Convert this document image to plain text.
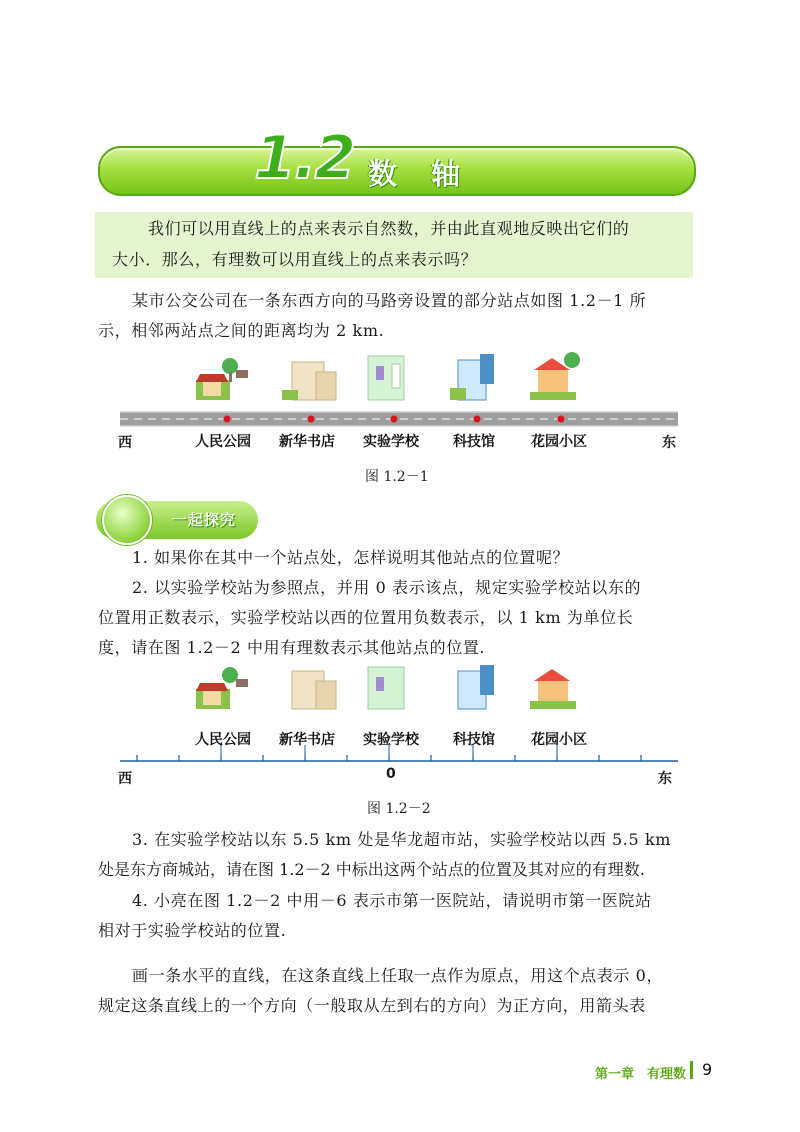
1.2 数轴
我们可以用直线上的点来表示自然数，并由此直观地反映出它们的
大小．那么，有理数可以用直线上的点来表示吗？
某市公交公司在一条东西方向的马路旁设置的部分站点如图 1.2－1 所
示，相邻两站点之间的距离均为 2 km.
西	东
人民公园 新华书店 实验学校 科技馆	花园小区
图 1.2－1
一起探究
1. 如果你在其中一个站点处，怎样说明其他站点的位置呢？
2. 以实验学校站为参照点，并用 0 表示该点，规定实验学校站以东的
位置用正数表示，实验学校站以西的位置用负数表示，以 1 km 为单位长
度，请在图 1.2－2 中用有理数表示其他站点的位置.
人民公园 新华书店 实验学校 科技馆	花园小区
西	0	东
图 1.2－2
3. 在实验学校站以东 5.5 km 处是华龙超市站，实验学校站以西 5.5 km
处是东方商城站，请在图 1.2－2 中标出这两个站点的位置及其对应的有理数.
4. 小亮在图 1.2－2 中用－6 表示市第一医院站，请说明市第一医院站
相对于实验学校站的位置.
画一条水平的直线，在这条直线上任取一点作为原点，用这个点表示 0，
规定这条直线上的一个方向（一般取从左到右的方向）为正方向，用箭头表
第一章　有理数 9
